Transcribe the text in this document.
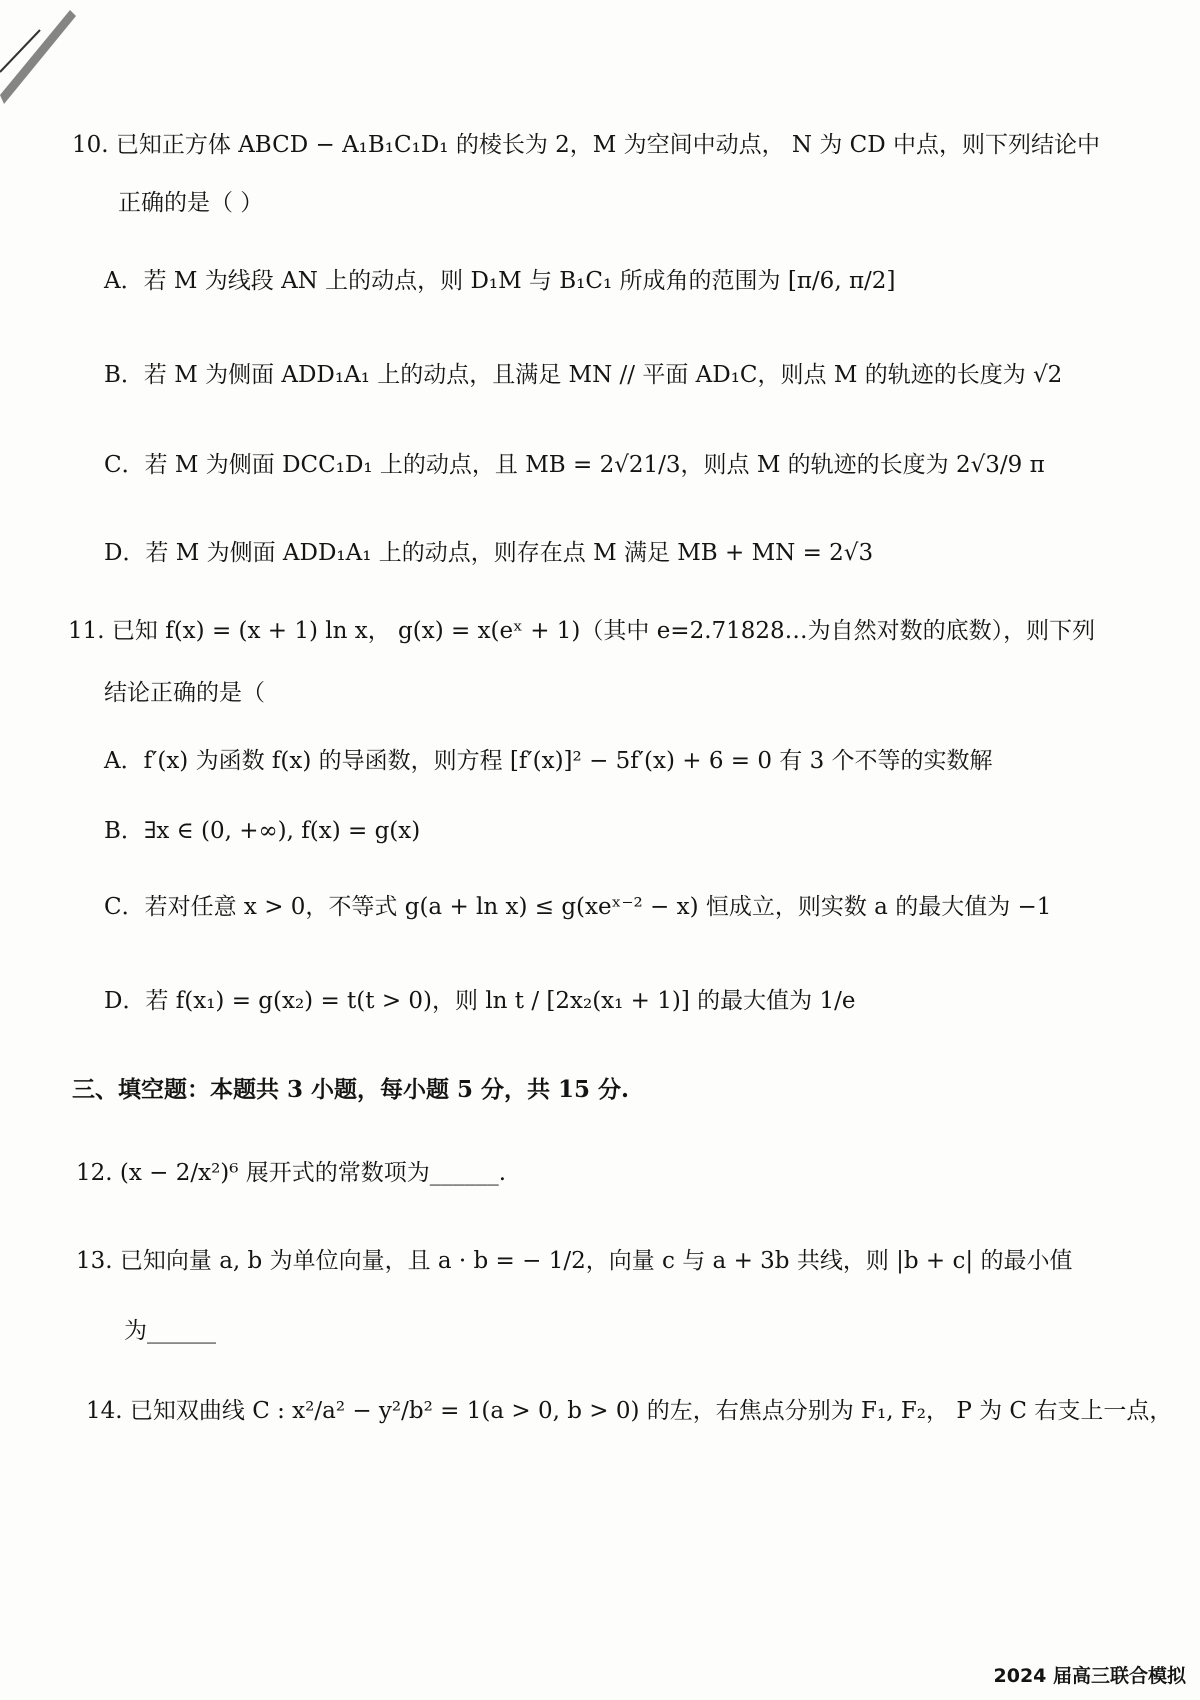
10. 已知正方体 ABCD − A₁B₁C₁D₁ 的棱长为 2，M 为空间中动点， N 为 CD 中点，则下列结论中
正确的是（ ）
A．若 M 为线段 AN 上的动点，则 D₁M 与 B₁C₁ 所成角的范围为 [π/6, π/2]
B．若 M 为侧面 ADD₁A₁ 上的动点，且满足 MN // 平面 AD₁C，则点 M 的轨迹的长度为 √2
C．若 M 为侧面 DCC₁D₁ 上的动点，且 MB = 2√21/3，则点 M 的轨迹的长度为 2√3/9 π
D．若 M 为侧面 ADD₁A₁ 上的动点，则存在点 M 满足 MB + MN = 2√3
11. 已知 f(x) = (x + 1) ln x， g(x) = x(eˣ + 1)（其中 e=2.71828…为自然对数的底数），则下列
结论正确的是（
A．f′(x) 为函数 f(x) 的导函数，则方程 [f′(x)]² − 5f′(x) + 6 = 0 有 3 个不等的实数解
B．∃x ∈ (0, +∞), f(x) = g(x)
C．若对任意 x > 0，不等式 g(a + ln x) ≤ g(xeˣ⁻² − x) 恒成立，则实数 a 的最大值为 −1
D．若 f(x₁) = g(x₂) = t(t > 0)，则 ln t / [2x₂(x₁ + 1)] 的最大值为 1/e
三、填空题：本题共 3 小题，每小题 5 分，共 15 分.
12. (x − 2/x²)⁶ 展开式的常数项为______.
13. 已知向量 a, b 为单位向量，且 a · b = − 1/2，向量 c 与 a + 3b 共线，则 |b + c| 的最小值
为______
14. 已知双曲线 C : x²/a² − y²/b² = 1(a > 0, b > 0) 的左，右焦点分别为 F₁, F₂， P 为 C 右支上一点，
2024 届高三联合模拟
